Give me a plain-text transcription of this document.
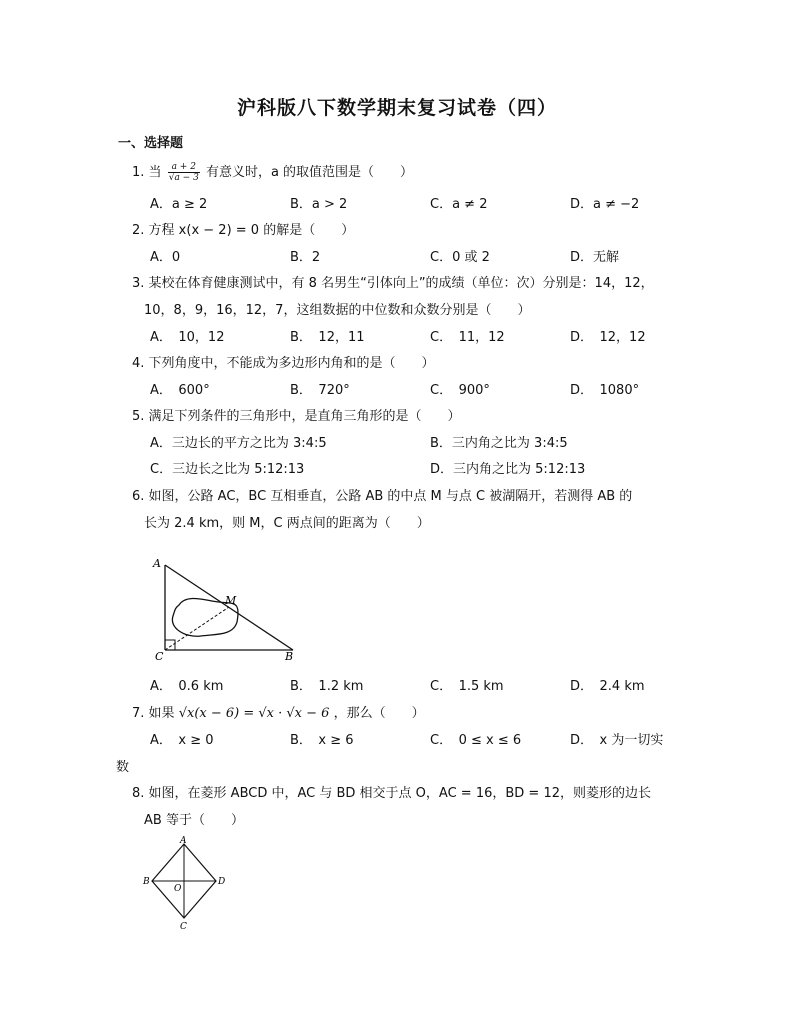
沪科版八下数学期末复习试卷（四）
一、选择题
1. 当 $\frac{a + 2}{√a - 3}$ 有意义时，a 的取值范围是（　　）
A．a ≥ 2	B．a > 2	C．a ≠ 2	D．a ≠ −2
2. 方程 x(x − 2) = 0 的解是（　　）
A．0	B．2	C．0 或 2	D．无解
3. 某校在体育健康测试中，有 8 名男生“引体向上”的成绩（单位：次）分别是：14，12，
10，8，9，16，12，7，这组数据的中位数和众数分别是（　　）
A．　10，12	B．　12，11	C．　11，12	D．　12，12
4. 下列角度中，不能成为多边形内角和的是（　　）
A．　600°	B．　720°	C．　900°	D．　1080°
5. 满足下列条件的三角形中，是直角三角形的是（　　）
A．三边长的平方之比为 3:4:5	B．三内角之比为 3:4:5
C．三边长之比为 5:12:13	D．三内角之比为 5:12:13
6. 如图，公路 AC，BC 互相垂直，公路 AB 的中点 M 与点 C 被湖隔开，若测得 AB 的
长为 2.4 km，则 M，C 两点间的距离为（　　）
A
C	B
M
A．　0.6 km	B．　1.2 km	C．　1.5 km	D．　2.4 km
7. 如果 √x(x − 6) = √x · √x − 6 ，那么（　　）
A．　x ≥ 0	B．　x ≥ 6	C．　0 ≤ x ≤ 6	D．　x 为一切实
数
8. 如图，在菱形 ABCD 中，AC 与 BD 相交于点 O，AC = 16，BD = 12，则菱形的边长
AB 等于（　　）
A
B	D
C
O
